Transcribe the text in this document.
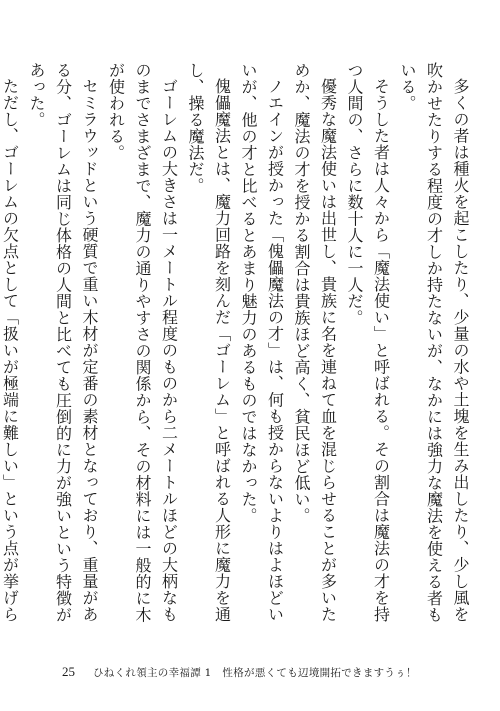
多くの者は種火を起こしたり、少量の水や土塊を生み出したり、少し風を吹かせたりする程度の才しか持たないが、なかには強力な魔法を使える者もいる。

そうした者は人々から「魔法使い」と呼ばれる。その割合は魔法の才を持つ人間の、さらに数十人に一人だ。

優秀な魔法使いは出世し、貴族に名を連ねて血を混じらせることが多いためか、魔法の才を授かる割合は貴族ほど高く、貧民ほど低い。

ノエインが授かった「傀儡魔法の才」は、何も授からないよりはよほどいいが、他の才と比べるとあまり魅力のあるものではなかった。

傀儡魔法とは、魔力回路を刻んだ「ゴーレム」と呼ばれる人形に魔力を通し、操る魔法だ。

ゴーレムの大きさは一メートル程度のものから二メートルほどの大柄なものまでさまざまで、魔力の通りやすさの関係から、その材料には一般的に木が使われる。

セミラウッドという硬質で重い木材が定番の素材となっており、重量がある分、ゴーレムは同じ体格の人間と比べても圧倒的に力が強いという特徴があった。

ただし、ゴーレムの欠点として「扱いが極端に難しい」という点が挙げら

25 ひねくれ領主の幸福譚 1　性格が悪くても辺境開拓できますうぅ！
